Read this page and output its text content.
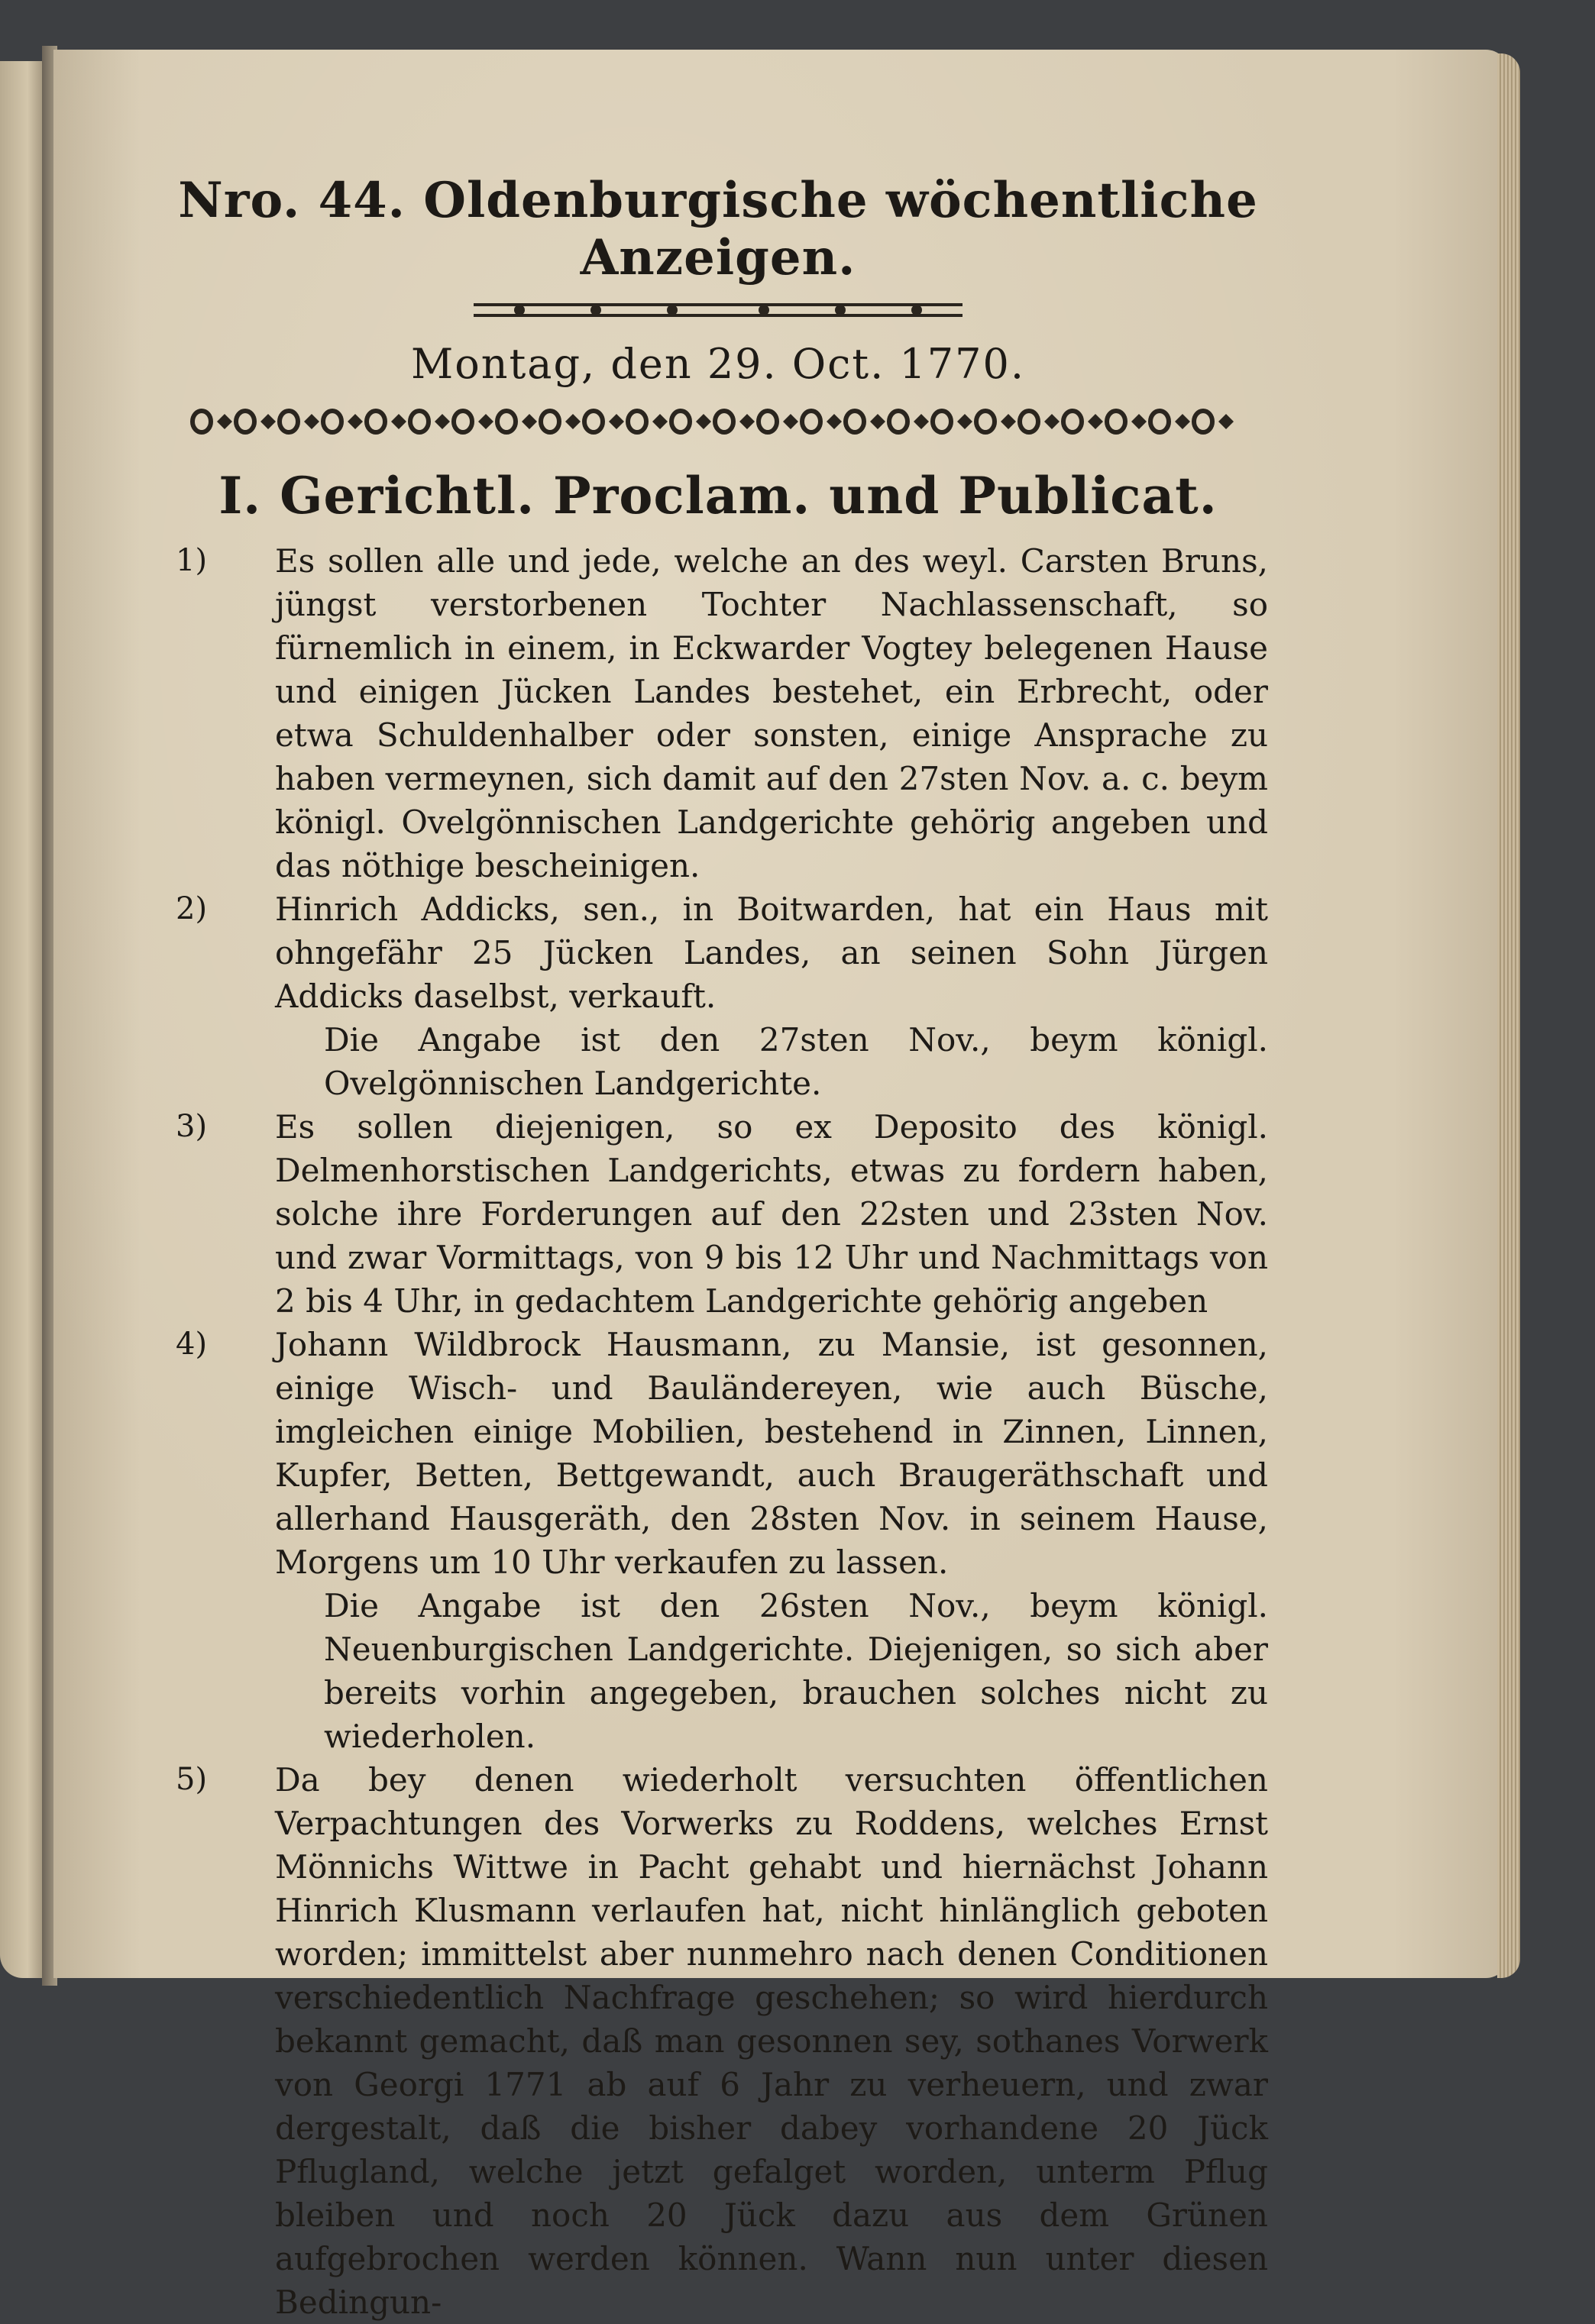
Nro. 44. Oldenburgische wöchentliche Anzeigen.
Montag, den 29. Oct. 1770.
I. Gerichtl. Proclam. und Publicat.
1)	Es sollen alle und jede, welche an des weyl. Carsten Bruns, jüngst verstorbenen Tochter Nachlassenschaft, so fürnemlich in einem, in Eckwarder Vogtey belegenen Hause und einigen Jücken Landes bestehet, ein Erbrecht, oder etwa Schuldenhalber oder sonsten, einige Ansprache zu haben vermeynen, sich damit auf den 27sten Nov. a. c. beym königl. Ovelgönnischen Landgerichte gehörig angeben und das nöthige bescheinigen.
2)	Hinrich Addicks, sen., in Boitwarden, hat ein Haus mit ohngefähr 25 Jücken Landes, an seinen Sohn Jürgen Addicks daselbst, verkauft.
Die Angabe ist den 27sten Nov., beym königl. Ovelgönnischen Landgerichte.
3)	Es sollen diejenigen, so ex Deposito des königl. Delmenhorstischen Landgerichts, etwas zu fordern haben, solche ihre Forderungen auf den 22sten und 23sten Nov. und zwar Vormittags, von 9 bis 12 Uhr und Nachmittags von 2 bis 4 Uhr, in gedachtem Landgerichte gehörig angeben
4)	Johann Wildbrock Hausmann, zu Mansie, ist gesonnen, einige Wisch- und Bauländereyen, wie auch Büsche, imgleichen einige Mobilien, bestehend in Zinnen, Linnen, Kupfer, Betten, Bettgewandt, auch Braugeräthschaft und allerhand Hausgeräth, den 28sten Nov. in seinem Hause, Morgens um 10 Uhr verkaufen zu lassen.
Die Angabe ist den 26sten Nov., beym königl. Neuenburgischen Landgerichte. Diejenigen, so sich aber bereits vorhin angegeben, brauchen solches nicht zu wiederholen.
5)	Da bey denen wiederholt versuchten öffentlichen Verpachtungen des Vorwerks zu Roddens, welches Ernst Mönnichs Wittwe in Pacht gehabt und hiernächst Johann Hinrich Klusmann verlaufen hat, nicht hinlänglich geboten worden; immittelst aber nunmehro nach denen Conditionen verschiedentlich Nachfrage geschehen; so wird hierdurch bekannt gemacht, daß man gesonnen sey, sothanes Vorwerk von Georgi 1771 ab auf 6 Jahr zu verheuern, und zwar dergestalt, daß die bisher dabey vorhandene 20 Jück Pflugland, welche jetzt gefalget worden, unterm Pflug bleiben und noch 20 Jück dazu aus dem Grünen aufgebrochen werden können. Wann nun unter diesen Bedingun-
